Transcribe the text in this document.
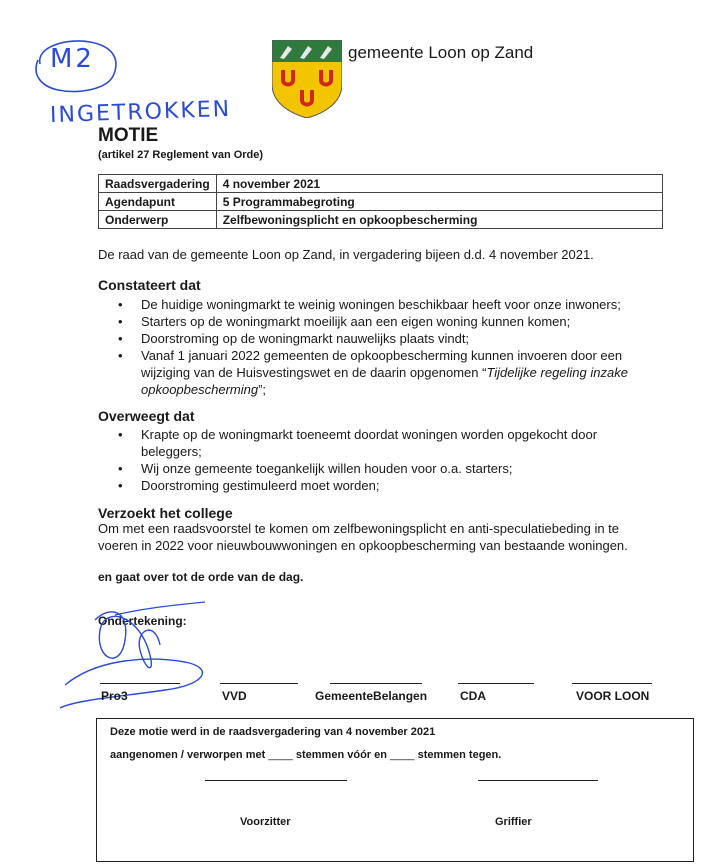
M2
INGETROKKEN
gemeente Loon op Zand
MOTIE
(artikel 27 Reglement van Orde)
Raadsvergadering	4 november 2021
Agendapunt	5 Programmabegroting
Onderwerp	Zelfbewoningsplicht en opkoopbescherming
De raad van de gemeente Loon op Zand, in vergadering bijeen d.d. 4 november 2021.
Constateert dat
• De huidige woningmarkt te weinig woningen beschikbaar heeft voor onze inwoners;
• Starters op de woningmarkt moeilijk aan een eigen woning kunnen komen;
• Doorstroming op de woningmarkt nauwelijks plaats vindt;
• Vanaf 1 januari 2022 gemeenten de opkoopbescherming kunnen invoeren door een
wijziging van de Huisvestingswet en de daarin opgenomen “Tijdelijke regeling inzake
opkoopbescherming”;
Overweegt dat
• Krapte op de woningmarkt toeneemt doordat woningen worden opgekocht door beleggers;
• Wij onze gemeente toegankelijk willen houden voor o.a. starters;
• Doorstroming gestimuleerd moet worden;
Verzoekt het college
Om met een raadsvoorstel te komen om zelfbewoningsplicht en anti-speculatiebeding in te
voeren in 2022 voor nieuwbouwwoningen en opkoopbescherming van bestaande woningen.
en gaat over tot de orde van de dag.
Ondertekening:
Pro3	VVD	GemeenteBelangen	CDA	VOOR LOON
Deze motie werd in de raadsvergadering van 4 november 2021
aangenomen / verworpen met ____ stemmen vóór en ____ stemmen tegen.
Voorzitter	Griffier
